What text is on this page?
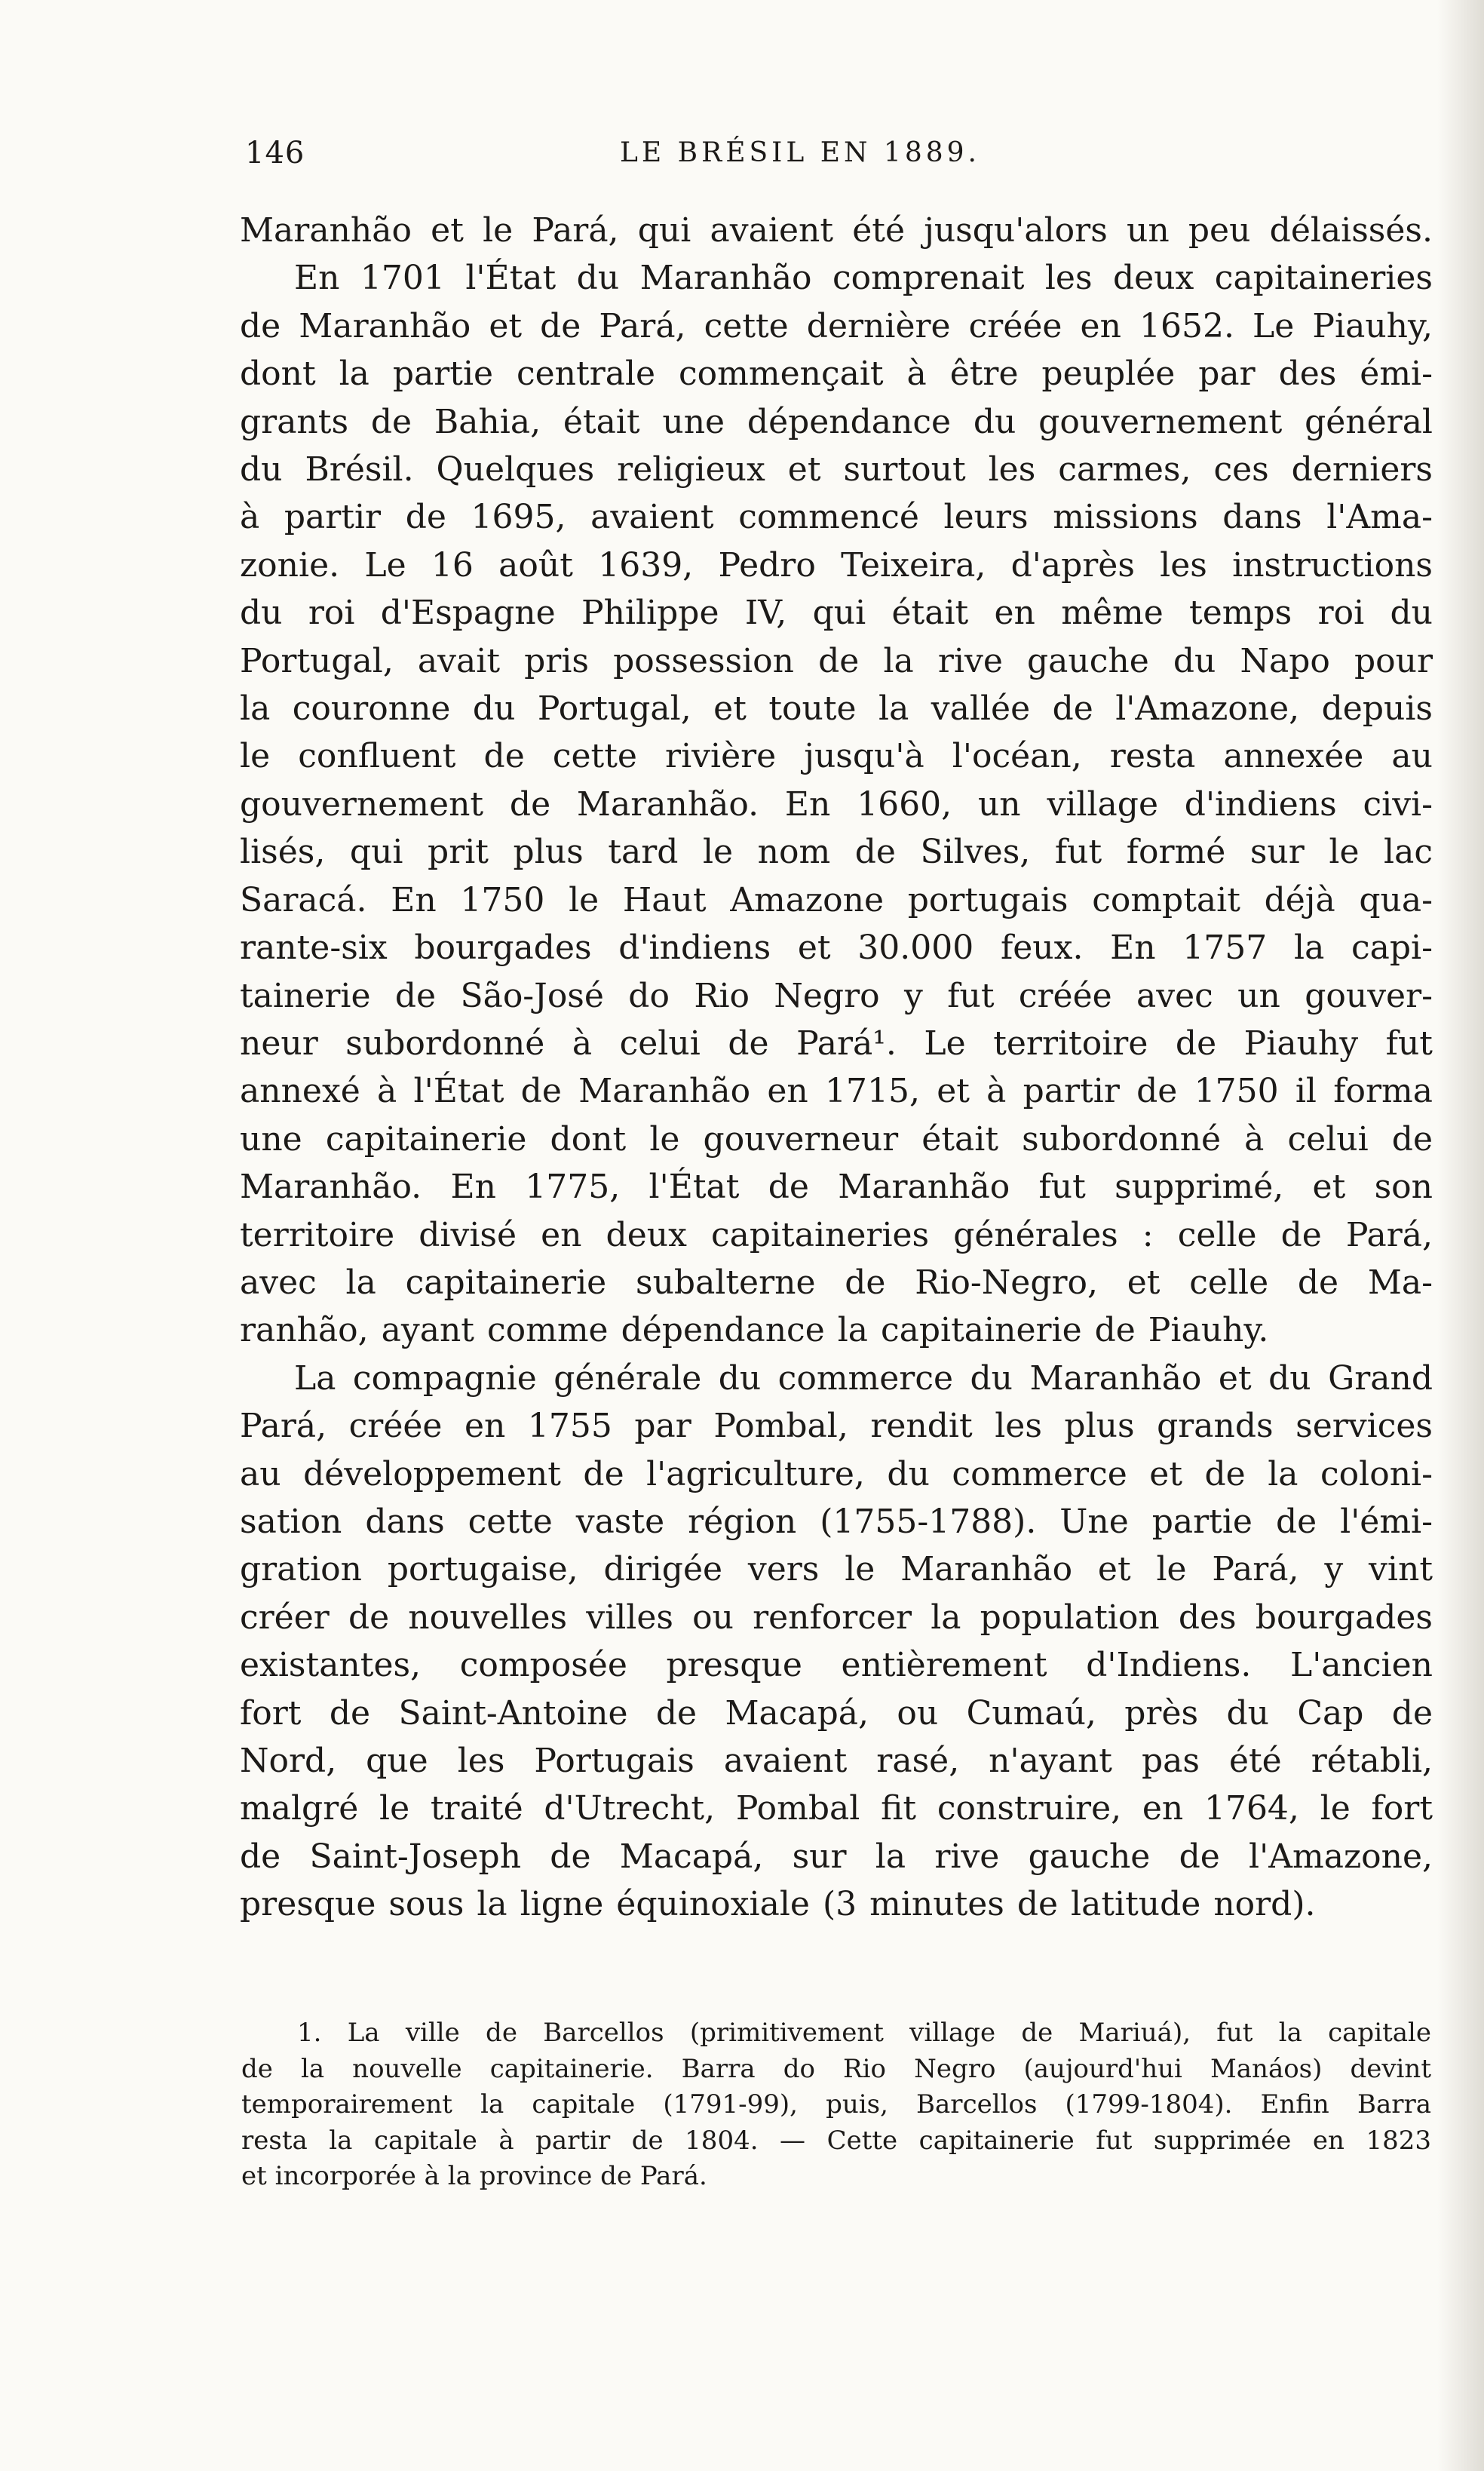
146	LE BRÉSIL EN 1889.

Maranhão et le Pará, qui avaient été jusqu'alors un peu délaissés.

En 1701 l'État du Maranhão comprenait les deux capitaineries

de Maranhão et de Pará, cette dernière créée en 1652. Le Piauhy,

dont la partie centrale commençait à être peuplée par des émi-

grants de Bahia, était une dépendance du gouvernement général

du Brésil. Quelques religieux et surtout les carmes, ces derniers

à partir de 1695, avaient commencé leurs missions dans l'Ama-

zonie. Le 16 août 1639, Pedro Teixeira, d'après les instructions

du roi d'Espagne Philippe IV, qui était en même temps roi du

Portugal, avait pris possession de la rive gauche du Napo pour

la couronne du Portugal, et toute la vallée de l'Amazone, depuis

le confluent de cette rivière jusqu'à l'océan, resta annexée au

gouvernement de Maranhão. En 1660, un village d'indiens civi-

lisés, qui prit plus tard le nom de Silves, fut formé sur le lac

Saracá. En 1750 le Haut Amazone portugais comptait déjà qua-

rante-six bourgades d'indiens et 30.000 feux. En 1757 la capi-

tainerie de São-José do Rio Negro y fut créée avec un gouver-

neur subordonné à celui de Pará¹. Le territoire de Piauhy fut

annexé à l'État de Maranhão en 1715, et à partir de 1750 il forma

une capitainerie dont le gouverneur était subordonné à celui de

Maranhão. En 1775, l'État de Maranhão fut supprimé, et son

territoire divisé en deux capitaineries générales : celle de Pará,

avec la capitainerie subalterne de Rio-Negro, et celle de Ma-

ranhão, ayant comme dépendance la capitainerie de Piauhy.

La compagnie générale du commerce du Maranhão et du Grand

Pará, créée en 1755 par Pombal, rendit les plus grands services

au développement de l'agriculture, du commerce et de la coloni-

sation dans cette vaste région (1755-1788). Une partie de l'émi-

gration portugaise, dirigée vers le Maranhão et le Pará, y vint

créer de nouvelles villes ou renforcer la population des bourgades

existantes, composée presque entièrement d'Indiens. L'ancien

fort de Saint-Antoine de Macapá, ou Cumaú, près du Cap de

Nord, que les Portugais avaient rasé, n'ayant pas été rétabli,

malgré le traité d'Utrecht, Pombal fit construire, en 1764, le fort

de Saint-Joseph de Macapá, sur la rive gauche de l'Amazone,

presque sous la ligne équinoxiale (3 minutes de latitude nord).

1. La ville de Barcellos (primitivement village de Mariuá), fut la capitale

de la nouvelle capitainerie. Barra do Rio Negro (aujourd'hui Manáos) devint

temporairement la capitale (1791-99), puis, Barcellos (1799-1804). Enfin Barra

resta la capitale à partir de 1804. — Cette capitainerie fut supprimée en 1823

et incorporée à la province de Pará.
